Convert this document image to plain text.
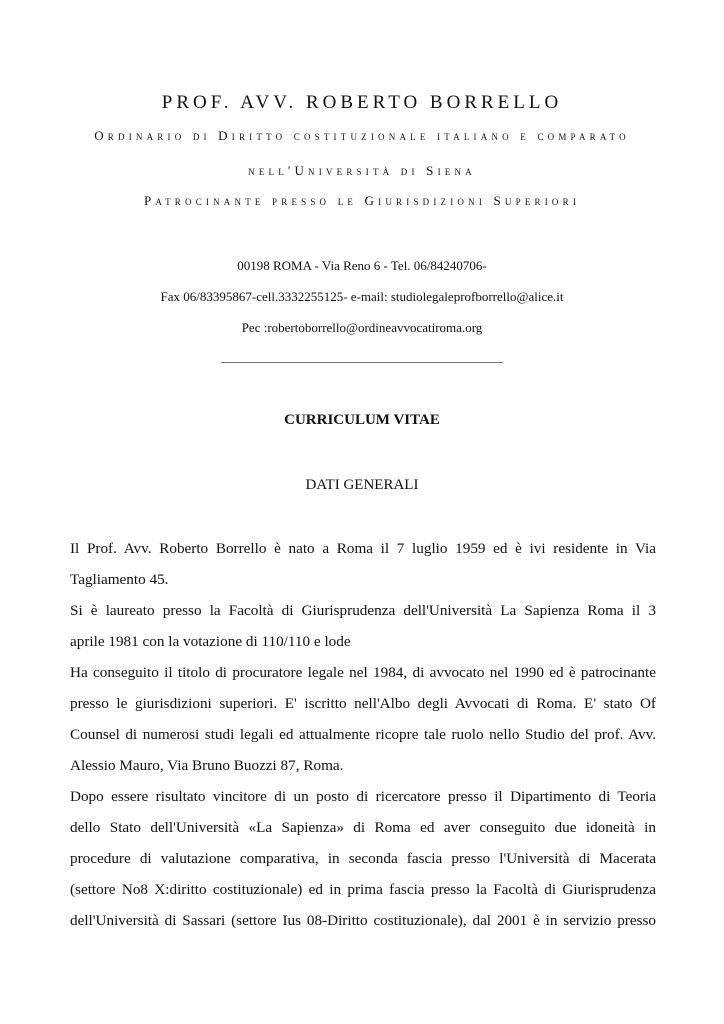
PROF. AVV. ROBERTO BORRELLO
Ordinario di Diritto costituzionale italiano e comparato
nell'Università di Siena
Patrocinante presso le Giurisdizioni Superiori
00198 ROMA - Via Reno 6 - Tel. 06/84240706-
Fax 06/83395867-cell.3332255125- e-mail: studiolegaleprofborrello@alice.it
Pec :robertoborrello@ordineavvocatiroma.org
_______________________________________________
CURRICULUM VITAE
DATI GENERALI
Il Prof. Avv. Roberto Borrello è nato a Roma il 7 luglio 1959 ed è ivi residente in Via
Tagliamento 45.
Si è laureato presso la Facoltà di Giurisprudenza dell'Università La Sapienza Roma il 3
aprile 1981 con la votazione di 110/110 e lode
Ha conseguito il titolo di procuratore legale nel 1984, di avvocato nel 1990 ed è patrocinante
presso le giurisdizioni superiori. E' iscritto nell'Albo degli Avvocati di Roma. E' stato Of
Counsel di numerosi studi legali ed attualmente ricopre tale ruolo nello Studio del prof. Avv.
Alessio Mauro, Via Bruno Buozzi 87, Roma.
Dopo essere risultato vincitore di un posto di ricercatore presso il Dipartimento di Teoria
dello Stato dell'Università «La Sapienza» di Roma ed aver conseguito due idoneità in
procedure di valutazione comparativa, in seconda fascia presso l'Università di Macerata
(settore No8 X:diritto costituzionale) ed in prima fascia presso la Facoltà di Giurisprudenza
dell'Università di Sassari (settore Ius 08-Diritto costituzionale), dal 2001 è in servizio presso
